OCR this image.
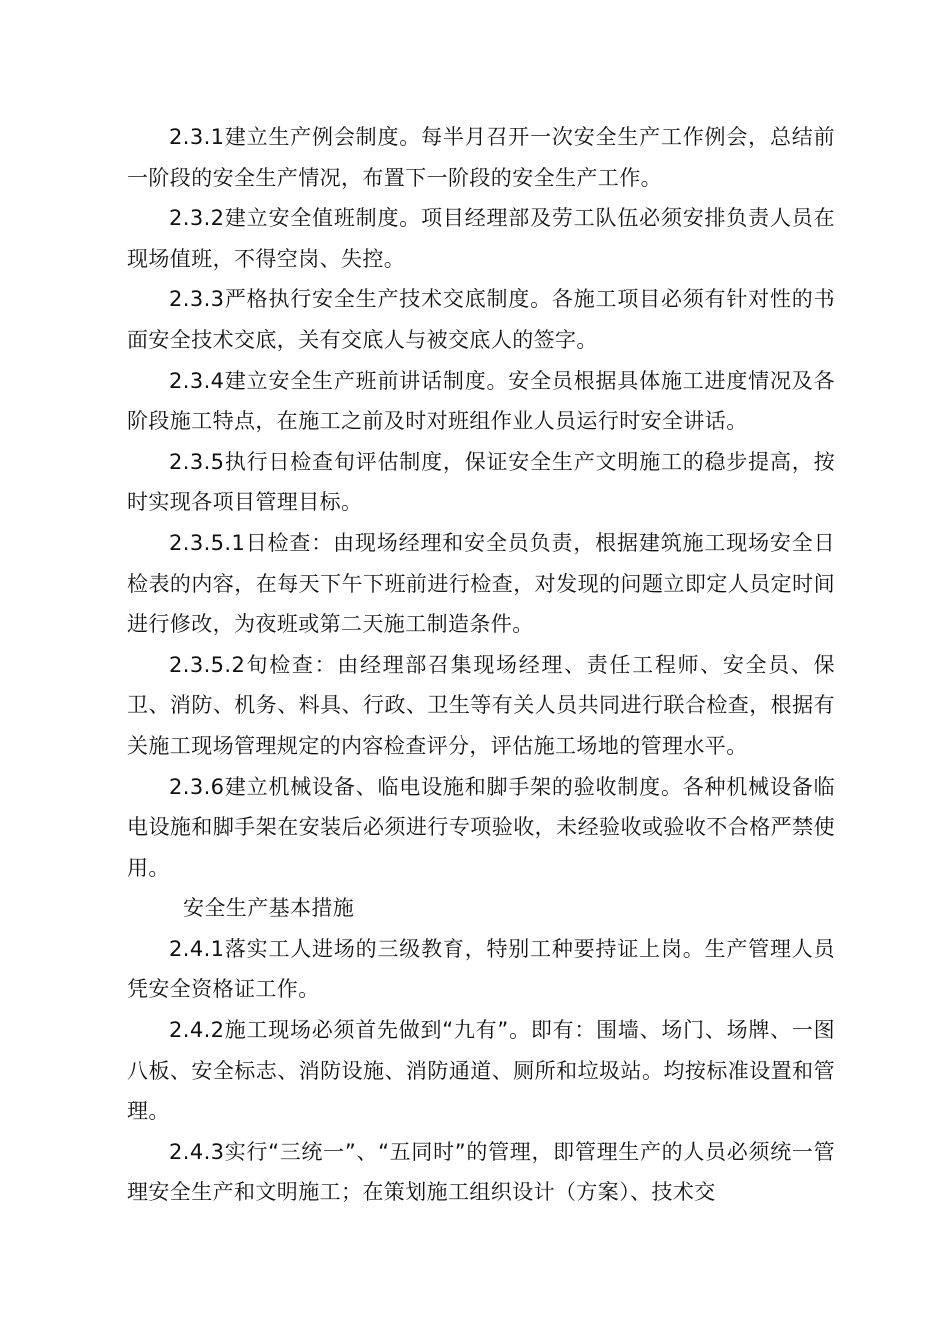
2.3.1建立生产例会制度。每半月召开一次安全生产工作例会，总结前一阶段的安全生产情况，布置下一阶段的安全生产工作。

2.3.2建立安全值班制度。项目经理部及劳工队伍必须安排负责人员在现场值班，不得空岗、失控。

2.3.3严格执行安全生产技术交底制度。各施工项目必须有针对性的书面安全技术交底，关有交底人与被交底人的签字。

2.3.4建立安全生产班前讲话制度。安全员根据具体施工进度情况及各阶段施工特点，在施工之前及时对班组作业人员运行时安全讲话。

2.3.5执行日检查旬评估制度，保证安全生产文明施工的稳步提高，按时实现各项目管理目标。

2.3.5.1日检查：由现场经理和安全员负责，根据建筑施工现场安全日检表的内容，在每天下午下班前进行检查，对发现的问题立即定人员定时间进行修改，为夜班或第二天施工制造条件。

2.3.5.2旬检查：由经理部召集现场经理、责任工程师、安全员、保卫、消防、机务、料具、行政、卫生等有关人员共同进行联合检查，根据有关施工现场管理规定的内容检查评分，评估施工场地的管理水平。

2.3.6建立机械设备、临电设施和脚手架的验收制度。各种机械设备临电设施和脚手架在安装后必须进行专项验收，未经验收或验收不合格严禁使用。

安全生产基本措施

2.4.1落实工人进场的三级教育，特别工种要持证上岗。生产管理人员凭安全资格证工作。

2.4.2施工现场必须首先做到“九有”。即有：围墙、场门、场牌、一图八板、安全标志、消防设施、消防通道、厕所和垃圾站。均按标准设置和管理。

2.4.3实行“三统一”、“五同时”的管理，即管理生产的人员必须统一管理安全生产和文明施工；在策划施工组织设计（方案）、技术交
